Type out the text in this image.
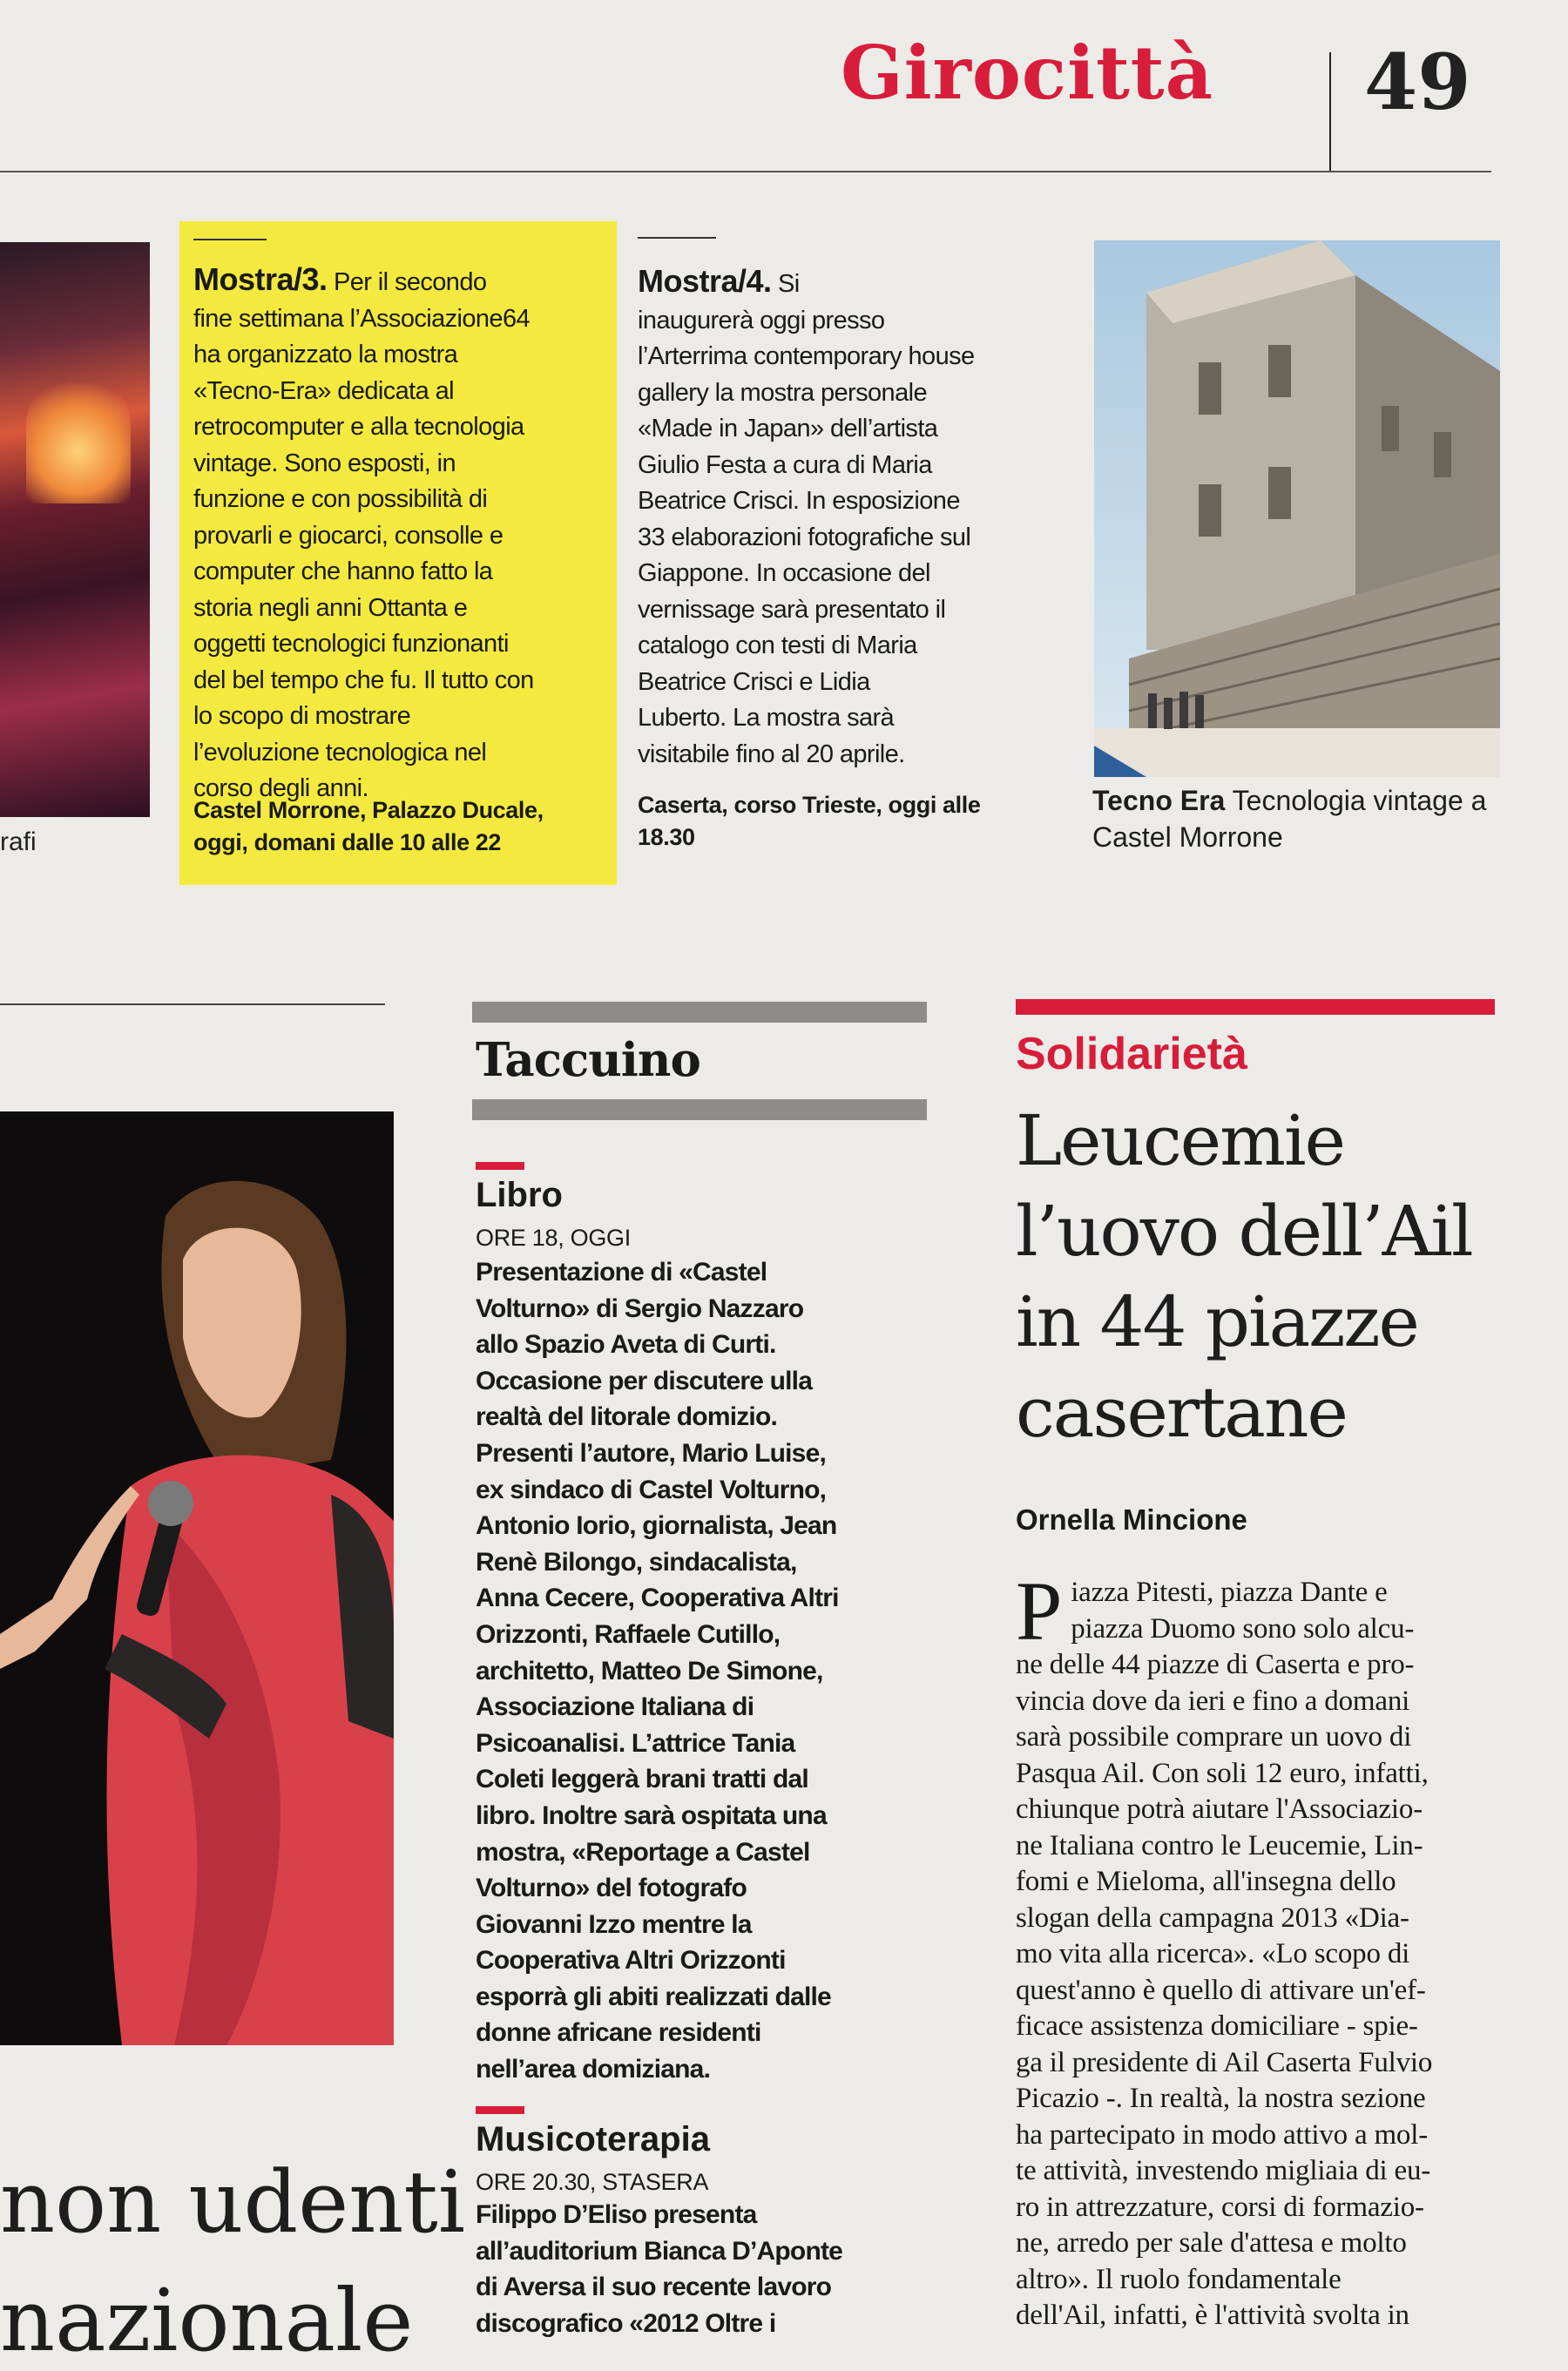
Girocittà 49
rafi
Mostra/3. Per il secondo
fine settimana l’Associazione64
ha organizzato la mostra
«Tecno-Era» dedicata al
retrocomputer e alla tecnologia
vintage. Sono esposti, in
funzione e con possibilità di
provarli e giocarci, consolle e
computer che hanno fatto la
storia negli anni Ottanta e
oggetti tecnologici funzionanti
del bel tempo che fu. Il tutto con
lo scopo di mostrare
l’evoluzione tecnologica nel
corso degli anni.
Castel Morrone, Palazzo Ducale,
oggi, domani dalle 10 alle 22
Mostra/4. Si
inaugurerà oggi presso
l’Arterrima contemporary house
gallery la mostra personale
«Made in Japan» dell’artista
Giulio Festa a cura di Maria
Beatrice Crisci. In esposizione
33 elaborazioni fotografiche sul
Giappone. In occasione del
vernissage sarà presentato il
catalogo con testi di Maria
Beatrice Crisci e Lidia
Luberto. La mostra sarà
visitabile fino al 20 aprile.
Caserta, corso Trieste, oggi alle
18.30
Tecno Era Tecnologia vintage a Castel Morrone
non udenti
nazionale
Taccuino
Libro
ORE 18, OGGI
Presentazione di «Castel
Volturno» di Sergio Nazzaro
allo Spazio Aveta di Curti.
Occasione per discutere ulla
realtà del litorale domizio.
Presenti l’autore, Mario Luise,
ex sindaco di Castel Volturno,
Antonio Iorio, giornalista, Jean
Renè Bilongo, sindacalista,
Anna Cecere, Cooperativa Altri
Orizzonti, Raffaele Cutillo,
architetto, Matteo De Simone,
Associazione Italiana di
Psicoanalisi. L’attrice Tania
Coleti leggerà brani tratti dal
libro. Inoltre sarà ospitata una
mostra, «Reportage a Castel
Volturno» del fotografo
Giovanni Izzo mentre la
Cooperativa Altri Orizzonti
esporrà gli abiti realizzati dalle
donne africane residenti
nell’area domiziana.
Musicoterapia
ORE 20.30, STASERA
Filippo D’Eliso presenta
all’auditorium Bianca D’Aponte
di Aversa il suo recente lavoro
discografico «2012 Oltre i
Solidarietà
Leucemie
l’uovo dell’Ail
in 44 piazze
casertane
Ornella Mincione
P iazza Pitesti, piazza Dante e
piazza Duomo sono solo alcu-
ne delle 44 piazze di Caserta e pro-
vincia dove da ieri e fino a domani
sarà possibile comprare un uovo di
Pasqua Ail. Con soli 12 euro, infatti,
chiunque potrà aiutare l'Associazio-
ne Italiana contro le Leucemie, Lin-
fomi e Mieloma, all'insegna dello
slogan della campagna 2013 «Dia-
mo vita alla ricerca». «Lo scopo di
quest'anno è quello di attivare un'ef-
ficace assistenza domiciliare - spie-
ga il presidente di Ail Caserta Fulvio
Picazio -. In realtà, la nostra sezione
ha partecipato in modo attivo a mol-
te attività, investendo migliaia di eu-
ro in attrezzature, corsi di formazio-
ne, arredo per sale d'attesa e molto
altro». Il ruolo fondamentale
dell'Ail, infatti, è l'attività svolta in
